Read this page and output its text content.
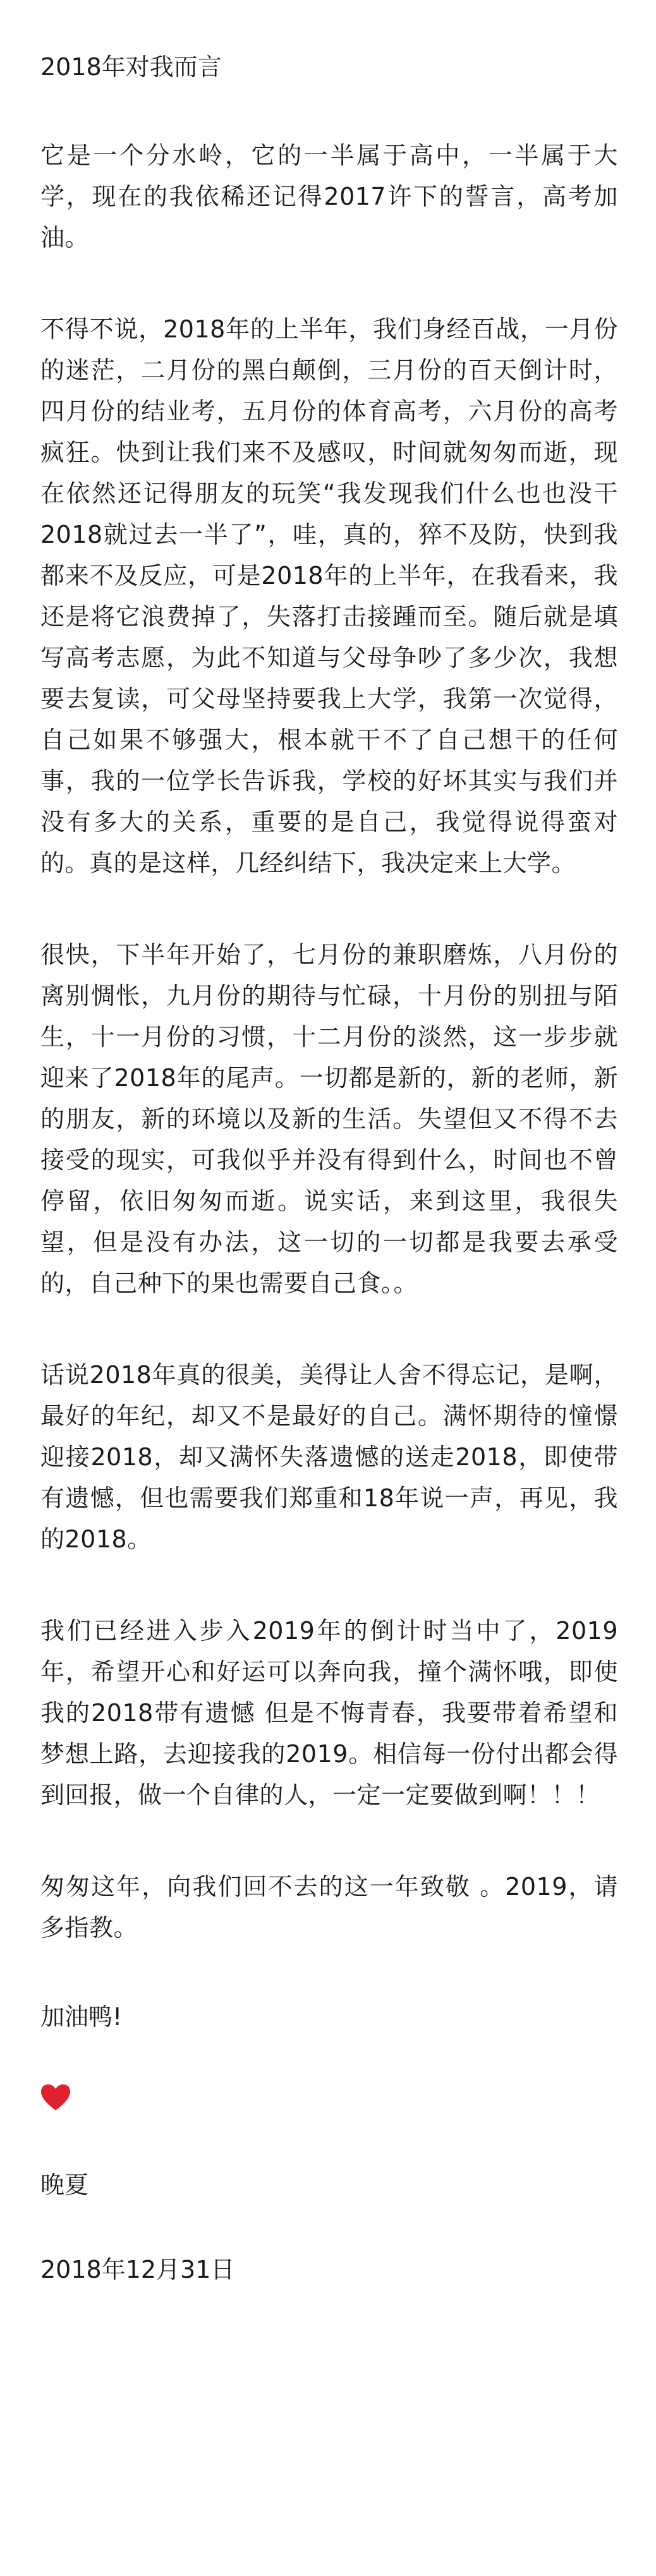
2018年对我而言
它是一个分水岭，它的一半属于高中，一半属于大学，现在的我依稀还记得2017许下的誓言，高考加油。
不得不说，2018年的上半年，我们身经百战，一月份的迷茫，二月份的黑白颠倒，三月份的百天倒计时，四月份的结业考，五月份的体育高考，六月份的高考疯狂。快到让我们来不及感叹，时间就匆匆而逝，现在依然还记得朋友的玩笑“我发现我们什么也也没干2018就过去一半了”，哇，真的，猝不及防，快到我都来不及反应，可是2018年的上半年，在我看来，我还是将它浪费掉了，失落打击接踵而至。随后就是填写高考志愿，为此不知道与父母争吵了多少次，我想要去复读，可父母坚持要我上大学，我第一次觉得，自己如果不够强大，根本就干不了自己想干的任何事，我的一位学长告诉我，学校的好坏其实与我们并没有多大的关系，重要的是自己，我觉得说得蛮对的。真的是这样，几经纠结下，我决定来上大学。
很快，下半年开始了，七月份的兼职磨炼，八月份的离别惆怅，九月份的期待与忙碌，十月份的别扭与陌生，十一月份的习惯，十二月份的淡然，这一步步就迎来了2018年的尾声。一切都是新的，新的老师，新的朋友，新的环境以及新的生活。失望但又不得不去接受的现实，可我似乎并没有得到什么，时间也不曾停留，依旧匆匆而逝。说实话，来到这里，我很失望，但是没有办法，这一切的一切都是我要去承受的，自己种下的果也需要自己食。。
话说2018年真的很美，美得让人舍不得忘记，是啊，最好的年纪，却又不是最好的自己。满怀期待的憧憬迎接2018，却又满怀失落遗憾的送走2018，即使带有遗憾，但也需要我们郑重和18年说一声，再见，我的2018。
我们已经进入步入2019年的倒计时当中了，2019年，希望开心和好运可以奔向我，撞个满怀哦，即使我的2018带有遗憾 但是不悔青春，我要带着希望和梦想上路，去迎接我的2019。相信每一份付出都会得到回报，做一个自律的人，一定一定要做到啊！！！
匆匆这年，向我们回不去的这一年致敬 。2019，请多指教。
加油鸭!
晚夏
2018年12月31日
